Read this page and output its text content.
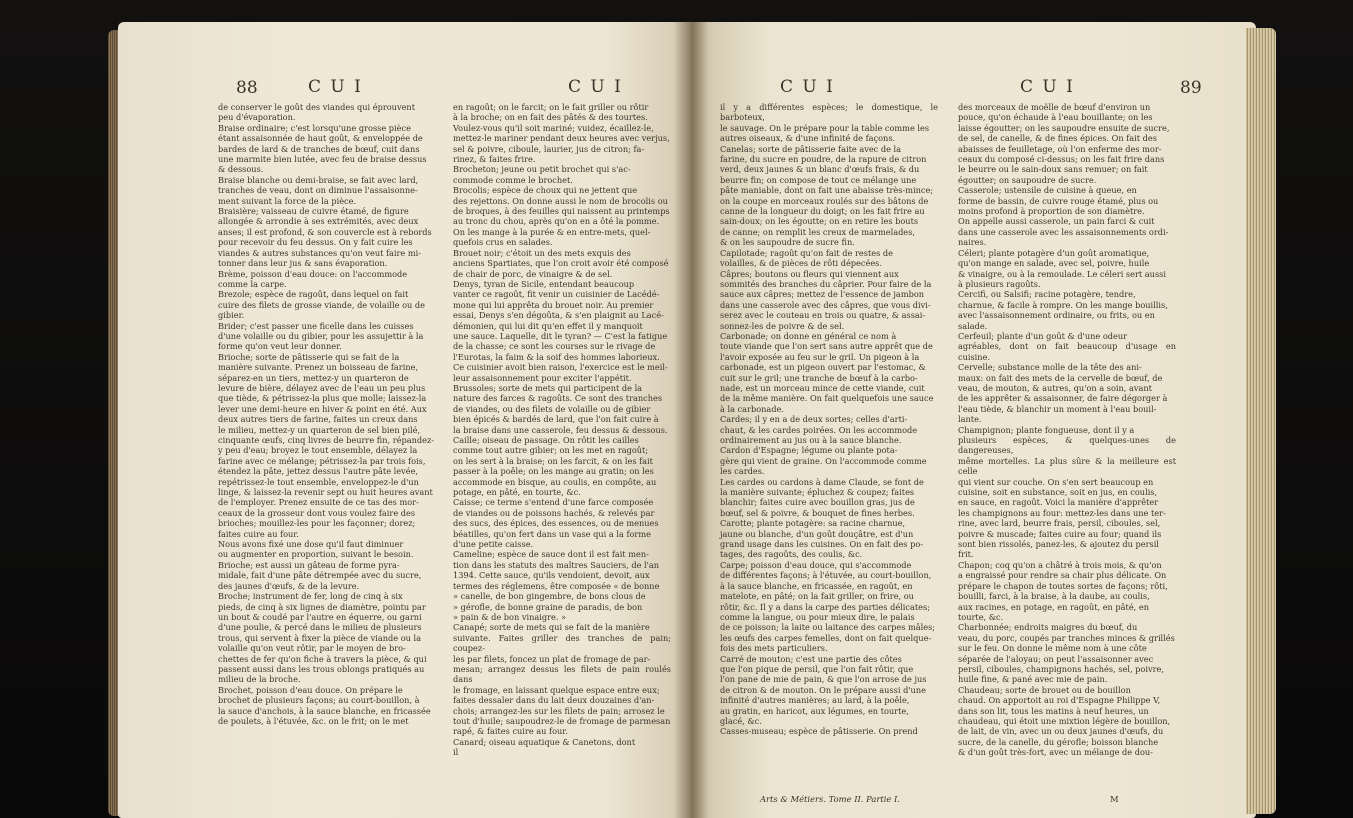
88	C U I	C U I
de conserver le goût des viandes qui éprouvent
peu d'évaporation.
Braise ordinaire; c'est lorsqu'une grosse pièce
étant assaisonnée de haut goût, & enveloppée de
bardes de lard & de tranches de bœuf, cuit dans
une marmite bien lutée, avec feu de braise dessus
& dessous.
Braise blanche ou demi-braise, se fait avec lard,
tranches de veau, dont on diminue l'assaisonne-
ment suivant la force de la pièce.
Braisière; vaisseau de cuivre étamé, de figure
allongée & arrondie à ses extrémités, avec deux
anses; il est profond, & son couvercle est à rebords
pour recevoir du feu dessus. On y fait cuire les
viandes & autres substances qu'on veut faire mi-
tonner dans leur jus & sans évaporation.
Brème, poisson d'eau douce: on l'accommode
comme la carpe.
Brezole; espèce de ragoût, dans lequel on fait
cuire des filets de grosse viande, de volaille ou de
gibier.
Brider; c'est passer une ficelle dans les cuisses
d'une volaille ou du gibier, pour les assujettir à la
forme qu'on veut leur donner.
Brioche; sorte de pâtisserie qui se fait de la
manière suivante. Prenez un boisseau de farine,
séparez-en un tiers, mettez-y un quarteron de
levure de bière, délayez avec de l'eau un peu plus
que tiède, & pétrissez-la plus que molle; laissez-la
lever une demi-heure en hiver & point en été. Aux
deux autres tiers de farine, faites un creux dans
le milieu, mettez-y un quarteron de sel bien pilé,
cinquante œufs, cinq livres de beurre fin, répandez-
y peu d'eau; broyez le tout ensemble, délayez la
farine avec ce mélange; pétrissez-la par trois fois,
étendez la pâte, jettez dessus l'autre pâte levée,
repétrissez-le tout ensemble, enveloppez-le d'un
linge, & laissez-la revenir sept ou huit heures avant
de l'employer. Prenez ensuite de ce tas des mor-
ceaux de la grosseur dont vous voulez faire des
brioches; mouillez-les pour les façonner; dorez;
faites cuire au four.
Nous avons fixé une dose qu'il faut diminuer
ou augmenter en proportion, suivant le besoin.
Brioche; est aussi un gâteau de forme pyra-
midale, fait d'une pâte détrempée avec du sucre,
des jaunes d'œufs, & de la levure.
Broche; instrument de fer, long de cinq à six
pieds, de cinq à six lignes de diamètre, pointu par
un bout & coudé par l'autre en équerre, ou garni
d'une poulie, & percé dans le milieu de plusieurs
trous, qui servent à fixer la pièce de viande ou la
volaille qu'on veut rôtir, par le moyen de bro-
chettes de fer qu'on fiche à travers la pièce, & qui
passent aussi dans les trous oblongs pratiqués au
milieu de la broche.
Brochet, poisson d'eau douce. On prépare le
brochet de plusieurs façons; au court-bouillon, à
la sauce d'anchois, à la sauce blanche, en fricassée
de poulets, à l'étuvée, &c. on le frit; on le met
en ragoût; on le farcit; on le fait griller ou rôtir
à la broche; on en fait des pâtés & des tourtes.
Voulez-vous qu'il soit mariné; vuidez, écaillez-le,
mettez-le mariner pendant deux heures avec verjus,
sel & poivre, ciboule, laurier, jus de citron; fa-
rinez, & faites frire.
Brocheton; jeune ou petit brochet qui s'ac-
commode comme le brochet.
Brocolis; espèce de choux qui ne jettent que
des rejettons. On donne aussi le nom de brocolis ou
de broques, à des feuilles qui naissent au printemps
au tronc du chou, après qu'on en a ôté la pomme.
On les mange à la purée & en entre-mets, quel-
quefois crus en salades.
Brouet noir; c'étoit un des mets exquis des
anciens Spartiates, que l'on croit avoir été composé
de chair de porc, de vinaigre & de sel.
Denys, tyran de Sicile, entendant beaucoup
vanter ce ragoût, fit venir un cuisinier de Lacédé-
mone qui lui apprêta du brouet noir. Au premier
essai, Denys s'en dégoûta, & s'en plaignit au Lacé-
démonien, qui lui dit qu'en effet il y manquoit
une sauce. Laquelle, dit le tyran? — C'est la fatigue
de la chasse; ce sont les courses sur le rivage de
l'Eurotas, la faim & la soif des hommes laborieux.
Ce cuisinier avoit bien raison, l'exercice est le meil-
leur assaisonnement pour exciter l'appétit.
Brussoles; sorte de mets qui participent de la
nature des farces & ragoûts. Ce sont des tranches
de viandes, ou des filets de volaille ou de gibier
bien épicés & bardés de lard, que l'on fait cuire à
la braise dans une casserole, feu dessus & dessous.
Caille; oiseau de passage. On rôtit les cailles
comme tout autre gibier; on les met en ragoût;
on les sert à la braise; on les farcit, & on les fait
passer à la poêle; on les mange au gratin; on les
accommode en bisque, au coulis, en compôte, au
potage, en pâté, en tourte, &c.
Caisse; ce terme s'entend d'une farce composée
de viandes ou de poissons hachés, & relevés par
des sucs, des épices, des essences, ou de menues
béatilles, qu'on fert dans un vase qui a la forme
d'une petite caisse.
Cameline; espèce de sauce dont il est fait men-
tion dans les statuts des maîtres Sauciers, de l'an
1394. Cette sauce, qu'ils vendoient, devoit, aux
termes des réglemens, être composée « de bonne
» canelle, de bon gingembre, de bons clous de
» gérofle, de bonne graine de paradis, de bon
» pain & de bon vinaigre. »
Canapé; sorte de mets qui se fait de la manière
suivante. Faites griller des tranches de pain; coupez-
les par filets, foncez un plat de fromage de par-
mesan; arrangez dessus les filets de pain roulés dans
le fromage, en laissant quelque espace entre eux;
faites dessaler dans du lait deux douzaines d'an-
chois; arrangez-les sur les filets de pain; arrosez le
tout d'huile; saupoudrez-le de fromage de parmesan
rapé, & faites cuire au four.
Canard; oiseau aquatique & Canetons, dont
il
C U I	C U I	89
il y a différentes espèces; le domestique, le barboteux,
le sauvage. On le prépare pour la table comme les
autres oiseaux, & d'une infinité de façons.
Canelas; sorte de pâtisserie faite avec de la
farine, du sucre en poudre, de la rapure de citron
verd, deux jaunes & un blanc d'œufs frais, & du
beurre fin; on compose de tout ce mélange une
pâte maniable, dont on fait une abaisse très-mince;
on la coupe en morceaux roulés sur des bâtons de
canne de la longueur du doigt; on les fait frire au
sain-doux; on les égoutte; on en retire les bouts
de canne; on remplit les creux de marmelades,
& on les saupoudre de sucre fin.
Capilotade; ragoût qu'on fait de restes de
volailles, & de pièces de rôti dépecées.
Câpres; boutons ou fleurs qui viennent aux
sommités des branches du câprier. Pour faire de la
sauce aux câpres; mettez de l'essence de jambon
dans une casserole avec des câpres, que vous divi-
serez avec le couteau en trois ou quatre, & assai-
sonnez-les de poivre & de sel.
Carbonade; on donne en général ce nom à
toute viande que l'on sert sans autre apprêt que de
l'avoir exposée au feu sur le gril. Un pigeon à la
carbonade, est un pigeon ouvert par l'estomac, &
cuit sur le gril; une tranche de bœuf à la carbo-
nade, est un morceau mince de cette viande, cuit
de la même manière. On fait quelquefois une sauce
à la carbonade.
Cardes; il y en a de deux sortes; celles d'arti-
chaut, & les cardes poirées. On les accommode
ordinairement au jus ou à la sauce blanche.
Cardon d'Espagne; légume ou plante pota-
gère qui vient de graine. On l'accommode comme
les cardes.
Les cardes ou cardons à dame Claude, se font de
la manière suivante; épluchez & coupez; faites
blanchir; faites cuire avec bouillon gras, jus de
bœuf, sel & poivre, & bouquet de fines herbes.
Carotte; plante potagère: sa racine charnue,
jaune ou blanche, d'un goût douçâtre, est d'un
grand usage dans les cuisines. On en fait des po-
tages, des ragoûts, des coulis, &c.
Carpe; poisson d'eau douce, qui s'accommode
de différentes façons; à l'étuvée, au court-bouillon,
à la sauce blanche, en fricassée, en ragoût, en
matelote, en pâté; on la fait griller, on frire, ou
rôtir, &c. Il y a dans la carpe des parties délicates;
comme la langue, ou pour mieux dire, le palais
de ce poisson; la laite ou laitance des carpes mâles;
les œufs des carpes femelles, dont on fait quelque-
fois des mets particuliers.
Carré de mouton; c'est une partie des côtes
que l'on pique de persil, que l'on fait rôtir, que
l'on pane de mie de pain, & que l'on arrose de jus
de citron & de mouton. On le prépare aussi d'une
infinité d'autres manières; au lard, à la poêle,
au gratin, en haricot, aux légumes, en tourte,
glacé, &c.
Casses-museau; espèce de pâtisserie. On prend
des morceaux de moëlle de bœuf d'environ un
pouce, qu'on échaude à l'eau bouillante; on les
laisse égoutter; on les saupoudre ensuite de sucre,
de sel, de canelle, & de fines épices. On fait des
abaisses de feuilletage, où l'on enferme des mor-
ceaux du composé ci-dessus; on les fait frire dans
le beurre ou le sain-doux sans remuer; on fait
égoutter; on saupoudre de sucre.
Casserole; ustensile de cuisine à queue, en
forme de bassin, de cuivre rouge étamé, plus ou
moins profond à proportion de son diamètre.
On appelle aussi casserole, un pain farci & cuit
dans une casserole avec les assaisonnements ordi-
naires.
Céleri; plante potagère d'un goût aromatique,
qu'on mange en salade, avec sel, poivre, huile
& vinaigre, ou à la remoulade. Le céleri sert aussi
à plusieurs ragoûts.
Cercifi, ou Salsifi; racine potagère, tendre,
charnue, & facile à rompre. On les mange bouillis,
avec l'assaisonnement ordinaire, ou frits, ou en
salade.
Cerfeuil; plante d'un goût & d'une odeur
agréables, dont on fait beaucoup d'usage en cuisine.
Cervelle; substance molle de la tête des ani-
maux: on fait des mets de la cervelle de bœuf, de
veau, de mouton, & autres, qu'on a soin, avant
de les apprêter & assaisonner, de faire dégorger à
l'eau tiède, & blanchir un moment à l'eau bouil-
lante.
Champignon; plante fongueuse, dont il y a
plusieurs espèces, & quelques-unes de dangereuses,
même mortelles. La plus sûre & la meilleure est celle
qui vient sur couche. On s'en sert beaucoup en
cuisine, soit en substance, soit en jus, en coulis,
en sauce, en ragoût. Voici la manière d'apprêter
les champignons au four: mettez-les dans une ter-
rine, avec lard, beurre frais, persil, ciboules, sel,
poivre & muscade; faites cuire au four; quand ils
sont bien rissolés, panez-les, & ajoutez du persil
frit.
Chapon; coq qu'on a châtré à trois mois, & qu'on
a engraissé pour rendre sa chair plus délicate. On
prépare le chapon de toutes sortes de façons; rôti,
bouilli, farci, à la braise, à la daube, au coulis,
aux racines, en potage, en ragoût, en pâté, en
tourte, &c.
Charbonnée; endroits maigres du bœuf, du
veau, du porc, coupés par tranches minces & grillés
sur le feu. On donne le même nom à une côte
séparée de l'aloyau; on peut l'assaisonner avec
persil, ciboules, champignons hachés, sel, poivre,
huile fine, & pané avec mie de pain.
Chaudeau; sorte de brouet ou de bouillon
chaud. On apportoit au roi d'Espagne Philippe V,
dans son lit, tous les matins à neuf heures, un
chaudeau, qui étoit une mixtion légère de bouillon,
de lait, de vin, avec un ou deux jaunes d'œufs, du
sucre, de la canelle, du gérofle; boisson blanche
& d'un goût très-fort, avec un mélange de dou-
Arts & Métiers. Tome II. Partie I.	M
